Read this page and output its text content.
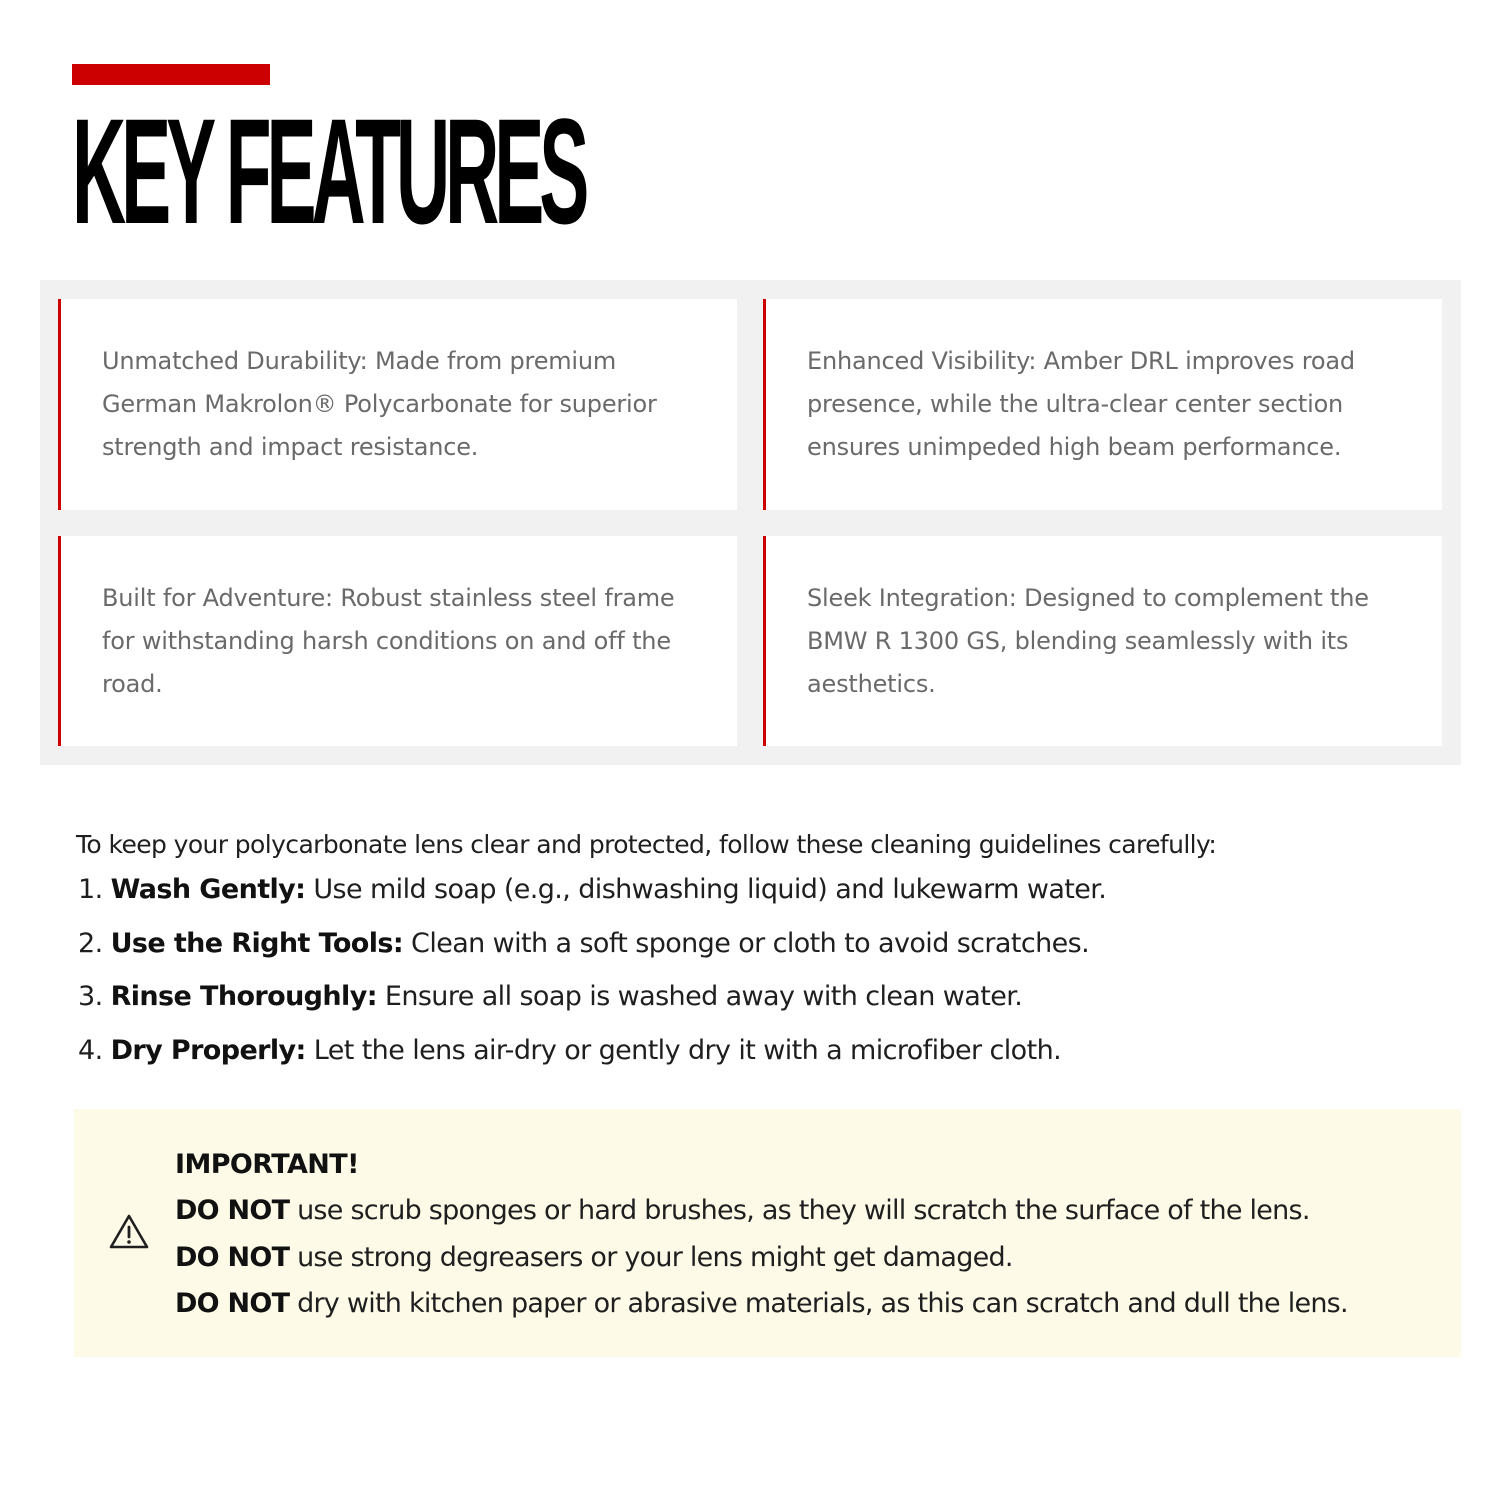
KEY FEATURES

Unmatched Durability: Made from premium German Makrolon® Polycarbonate for superior strength and impact resistance.

Enhanced Visibility: Amber DRL improves road presence, while the ultra-clear center section ensures unimpeded high beam performance.

Built for Adventure: Robust stainless steel frame for withstanding harsh conditions on and off the road.

Sleek Integration: Designed to complement the BMW R 1300 GS, blending seamlessly with its aesthetics.

To keep your polycarbonate lens clear and protected, follow these cleaning guidelines carefully:

1. Wash Gently: Use mild soap (e.g., dishwashing liquid) and lukewarm water.
2. Use the Right Tools: Clean with a soft sponge or cloth to avoid scratches.
3. Rinse Thoroughly: Ensure all soap is washed away with clean water.
4. Dry Properly: Let the lens air-dry or gently dry it with a microfiber cloth.

IMPORTANT!

DO NOT use scrub sponges or hard brushes, as they will scratch the surface of the lens.
DO NOT use strong degreasers or your lens might get damaged.
DO NOT dry with kitchen paper or abrasive materials, as this can scratch and dull the lens.
